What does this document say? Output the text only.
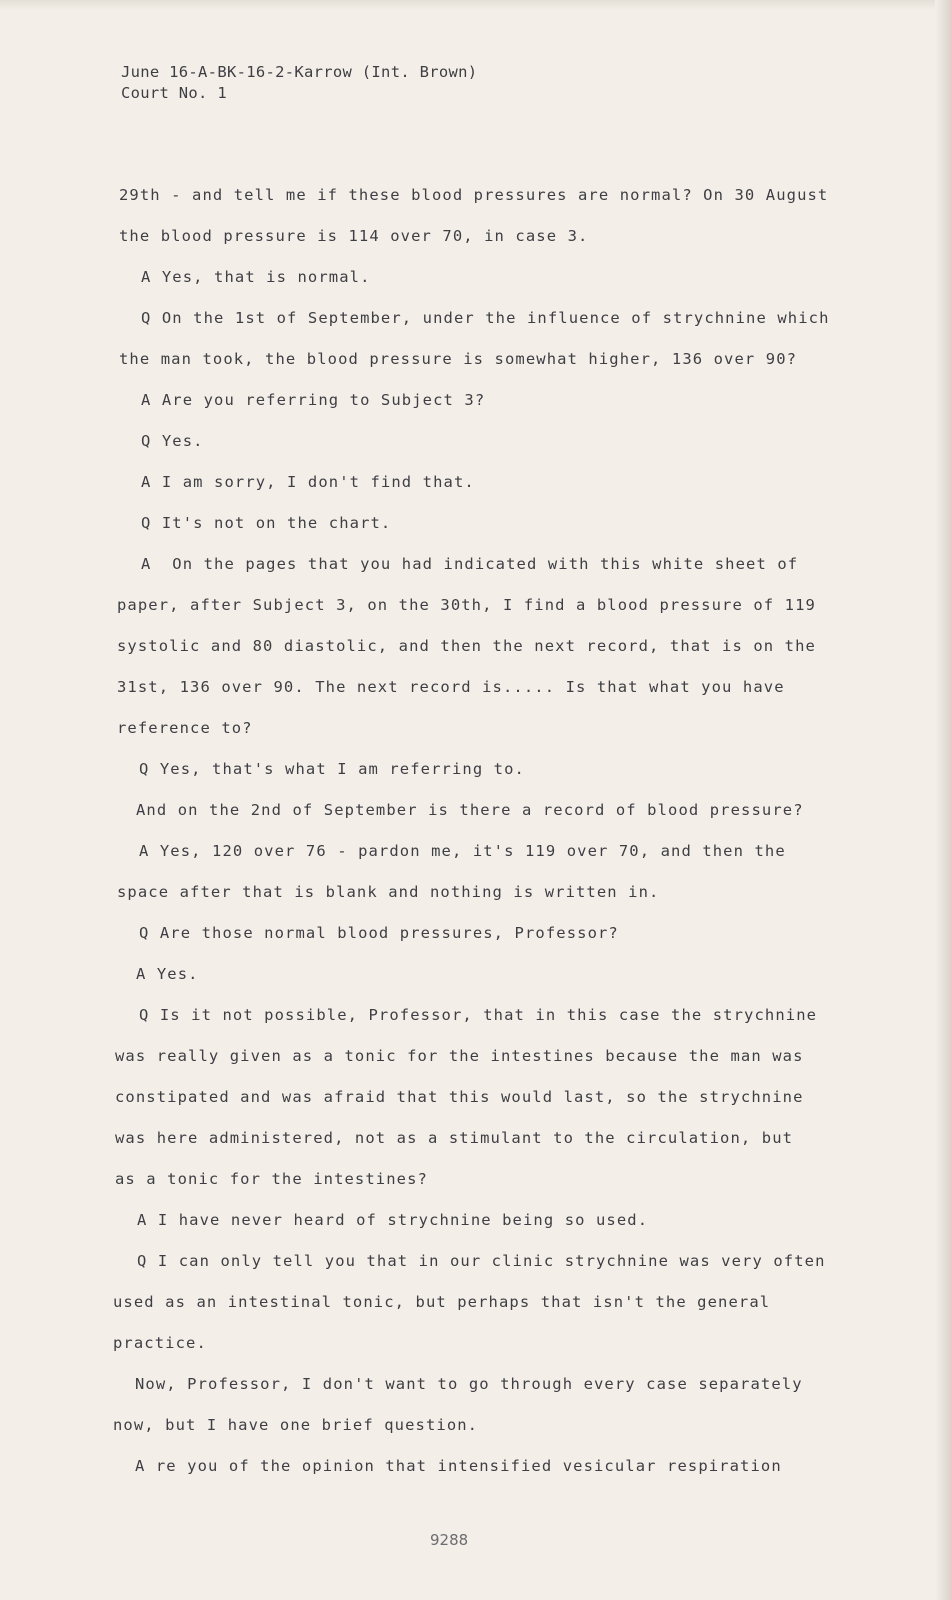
June 16-A-BK-16-2-Karrow (Int. Brown)
Court No. 1
29th - and tell me if these blood pressures are normal? On 30 August
the blood pressure is 114 over 70, in case 3.
A Yes, that is normal.
Q On the 1st of September, under the influence of strychnine which
the man took, the blood pressure is somewhat higher, 136 over 90?
A Are you referring to Subject 3?
Q Yes.
A I am sorry, I don't find that.
Q It's not on the chart.
A  On the pages that you had indicated with this white sheet of
paper, after Subject 3, on the 30th, I find a blood pressure of 119
systolic and 80 diastolic, and then the next record, that is on the
31st, 136 over 90. The next record is..... Is that what you have
reference to?
Q Yes, that's what I am referring to.
And on the 2nd of September is there a record of blood pressure?
A Yes, 120 over 76 - pardon me, it's 119 over 70, and then the
space after that is blank and nothing is written in.
Q Are those normal blood pressures, Professor?
A Yes.
Q Is it not possible, Professor, that in this case the strychnine
was really given as a tonic for the intestines because the man was
constipated and was afraid that this would last, so the strychnine
was here administered, not as a stimulant to the circulation, but
as a tonic for the intestines?
A I have never heard of strychnine being so used.
Q I can only tell you that in our clinic strychnine was very often
used as an intestinal tonic, but perhaps that isn't the general
practice.
Now, Professor, I don't want to go through every case separately
now, but I have one brief question.
A re you of the opinion that intensified vesicular respiration
9288
